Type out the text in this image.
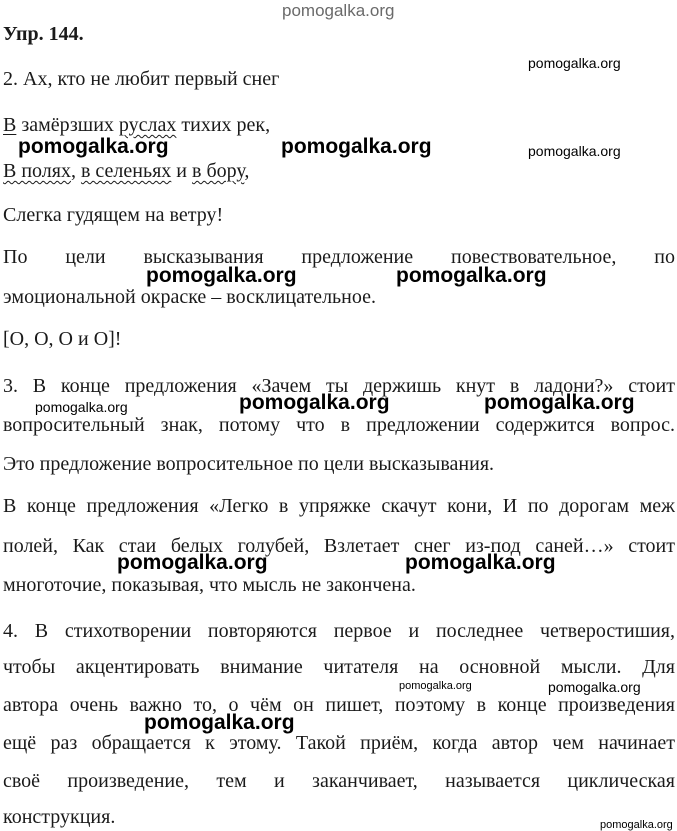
Упр. 144.
2. Ах, кто не любит первый снег
В замёрзших руслах тихих рек,
В полях, в селеньях и в бору,
Слегка гудящем на ветру!
По цели высказывания предложение повествовательное, по
эмоциональной окраске – восклицательное.
[О, О, О и О]!
3. В конце предложения «Зачем ты держишь кнут в ладони?» стоит
вопросительный знак, потому что в предложении содержится вопрос.
Это предложение вопросительное по цели высказывания.
В конце предложения «Легко в упряжке скачут кони, И по дорогам меж
полей, Как стаи белых голубей, Взлетает снег из-под саней…» стоит
многоточие, показывая, что мысль не закончена.
4. В стихотворении повторяются первое и последнее четверостишия,
чтобы акцентировать внимание читателя на основной мысли. Для
автора очень важно то, о чём он пишет, поэтому в конце произведения
ещё раз обращается к этому. Такой приём, когда автор чем начинает
своё произведение, тем и заканчивает, называется циклическая
конструкция.
pomogalka.org
pomogalka.org
pomogalka.org	pomogalka.org	pomogalka.org
pomogalka.org	pomogalka.org
pomogalka.org	pomogalka.org	pomogalka.org
pomogalka.org	pomogalka.org
pomogalka.org	pomogalka.org
pomogalka.org
pomogalka.org
